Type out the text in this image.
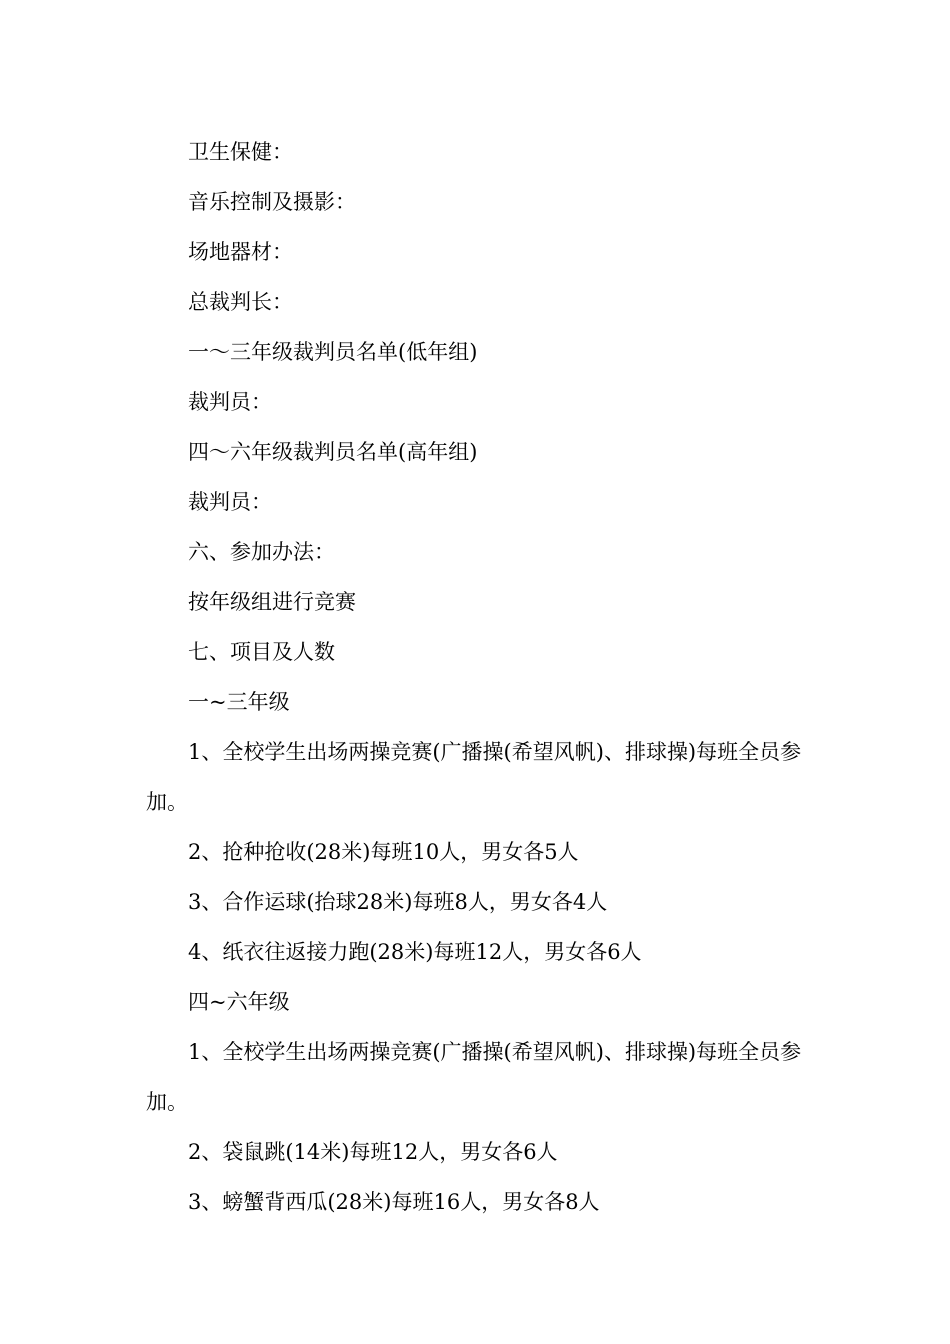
卫生保健：

音乐控制及摄影：

场地器材：

总裁判长：

一～三年级裁判员名单(低年组)

裁判员：

四～六年级裁判员名单(高年组)

裁判员：

六、参加办法：

按年级组进行竞赛

七、项目及人数

一~三年级

1、全校学生出场两操竞赛(广播操(希望风帆)、排球操)每班全员参加。

2、抢种抢收(28米)每班10人，男女各5人

3、合作运球(抬球28米)每班8人，男女各4人

4、纸衣往返接力跑(28米)每班12人，男女各6人

四~六年级

1、全校学生出场两操竞赛(广播操(希望风帆)、排球操)每班全员参加。

2、袋鼠跳(14米)每班12人，男女各6人

3、螃蟹背西瓜(28米)每班16人，男女各8人
